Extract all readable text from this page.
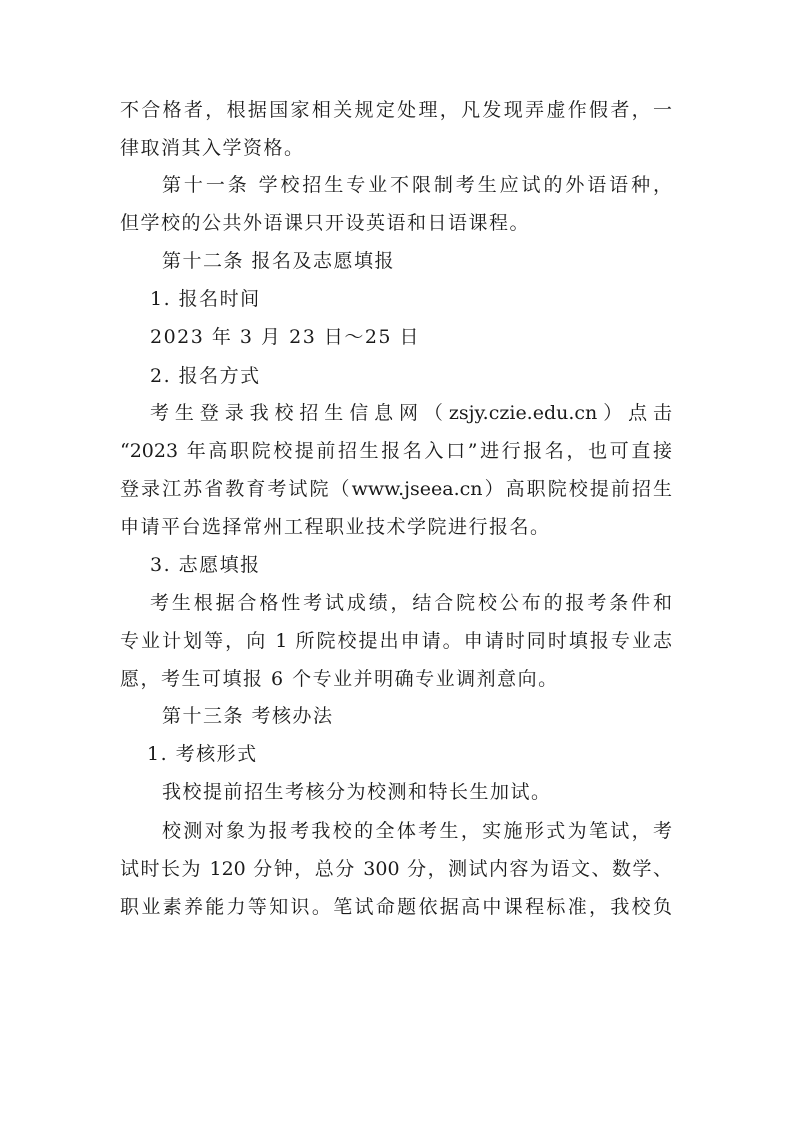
不合格者，根据国家相关规定处理，凡发现弄虚作假者，一
律取消其入学资格。
第十一条 学校招生专业不限制考生应试的外语语种，
但学校的公共外语课只开设英语和日语课程。
第十二条 报名及志愿填报
1. 报名时间
2023 年 3 月 23 日～25 日
2. 报名方式
考生登录我校招生信息网（zsjy.czie.edu.cn）点击
“2023 年高职院校提前招生报名入口”进行报名，也可直接
登录江苏省教育考试院（www.jseea.cn）高职院校提前招生
申请平台选择常州工程职业技术学院进行报名。
3. 志愿填报
考生根据合格性考试成绩，结合院校公布的报考条件和
专业计划等，向 1 所院校提出申请。申请时同时填报专业志
愿，考生可填报 6 个专业并明确专业调剂意向。
第十三条 考核办法
1. 考核形式
我校提前招生考核分为校测和特长生加试。
校测对象为报考我校的全体考生，实施形式为笔试，考
试时长为 120 分钟，总分 300 分，测试内容为语文、数学、
职业素养能力等知识。笔试命题依据高中课程标准，我校负
